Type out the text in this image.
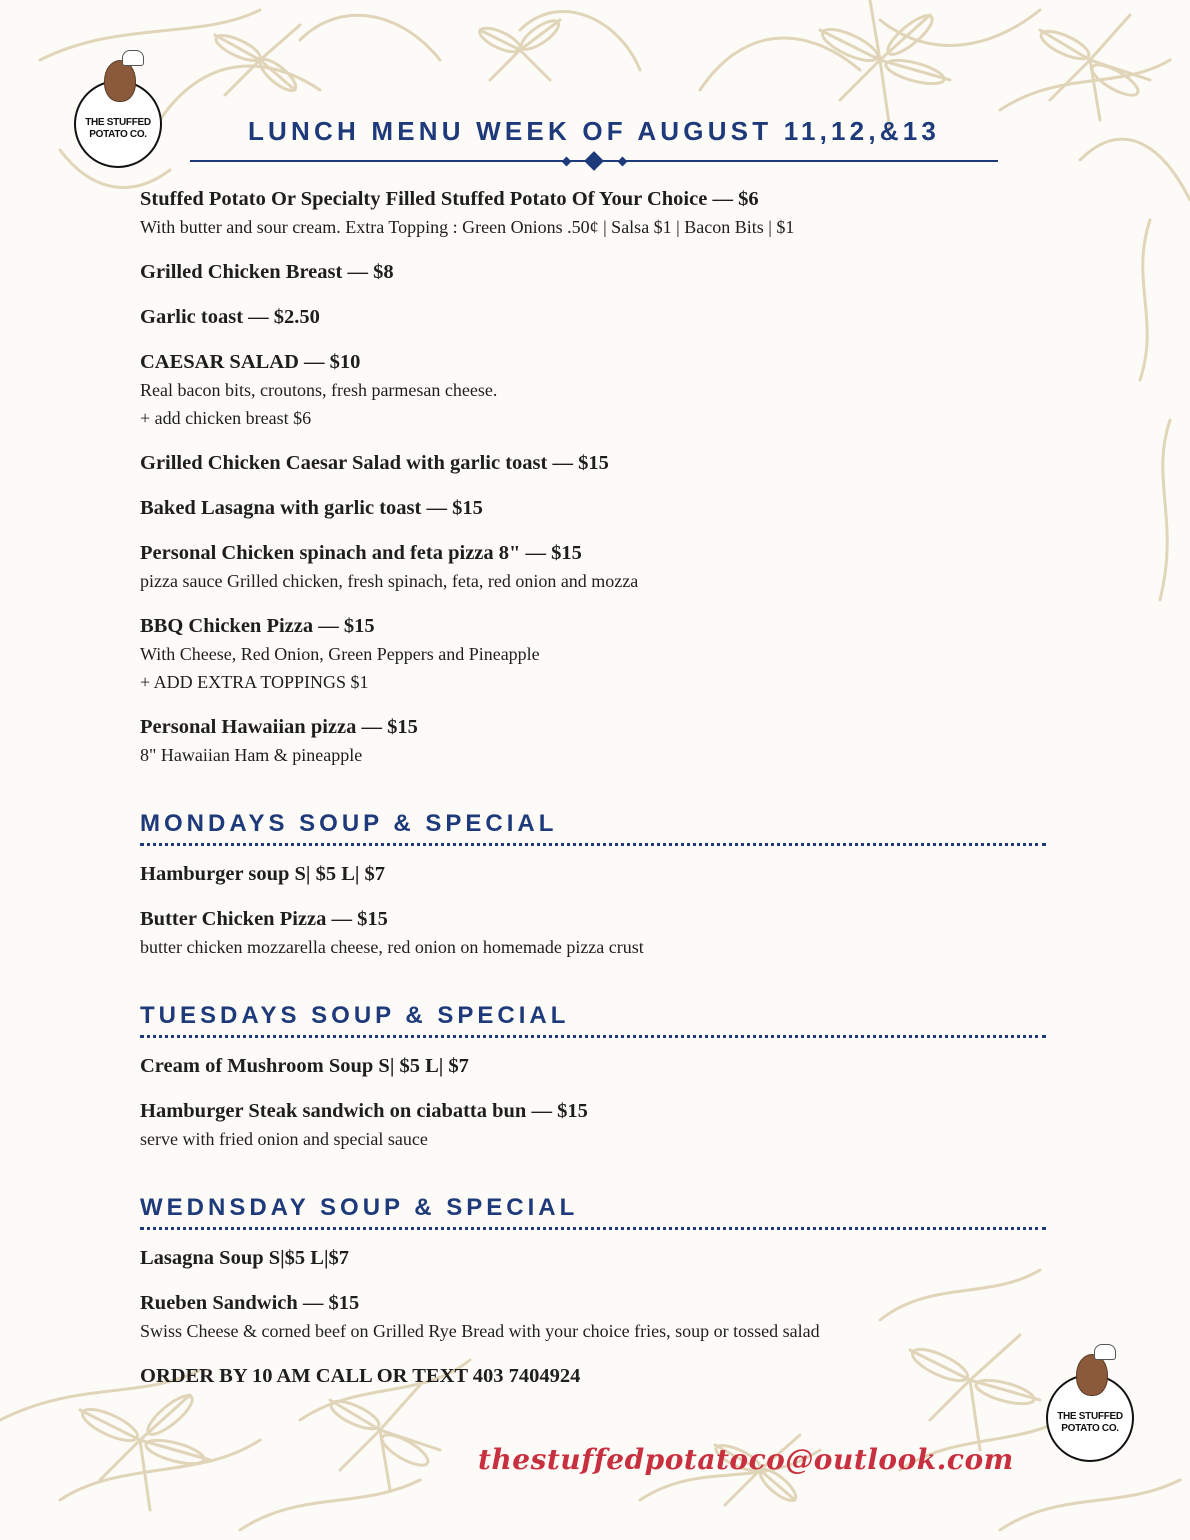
THE STUFFED
POTATO CO.
THE STUFFED
POTATO CO.
LUNCH MENU WEEK OF AUGUST 11,12,&13
Stuffed Potato Or Specialty Filled Stuffed Potato Of Your Choice — $6
With butter and sour cream. Extra Topping : Green Onions .50¢ | Salsa $1 | Bacon Bits | $1
Grilled Chicken Breast — $8
Garlic toast — $2.50
CAESAR SALAD — $10
Real bacon bits, croutons, fresh parmesan cheese.
+ add chicken breast $6
Grilled Chicken Caesar Salad with garlic toast — $15
Baked Lasagna with garlic toast — $15
Personal Chicken spinach and feta pizza 8" — $15
pizza sauce Grilled chicken, fresh spinach, feta, red onion and mozza
BBQ Chicken Pizza — $15
With Cheese, Red Onion, Green Peppers and Pineapple
+ ADD EXTRA TOPPINGS $1
Personal Hawaiian pizza — $15
8" Hawaiian Ham & pineapple
MONDAYS SOUP & SPECIAL
Hamburger soup S| $5 L| $7
Butter Chicken Pizza — $15
butter chicken mozzarella cheese, red onion on homemade pizza crust
TUESDAYS SOUP & SPECIAL
Cream of Mushroom Soup S| $5 L| $7
Hamburger Steak sandwich on ciabatta bun — $15
serve with fried onion and special sauce
WEDNSDAY SOUP & SPECIAL
Lasagna Soup S|$5 L|$7
Rueben Sandwich — $15
Swiss Cheese & corned beef on Grilled Rye Bread with your choice fries, soup or tossed salad
ORDER BY 10 AM CALL OR TEXT 403 7404924
thestuffedpotatoco@outlook.com
